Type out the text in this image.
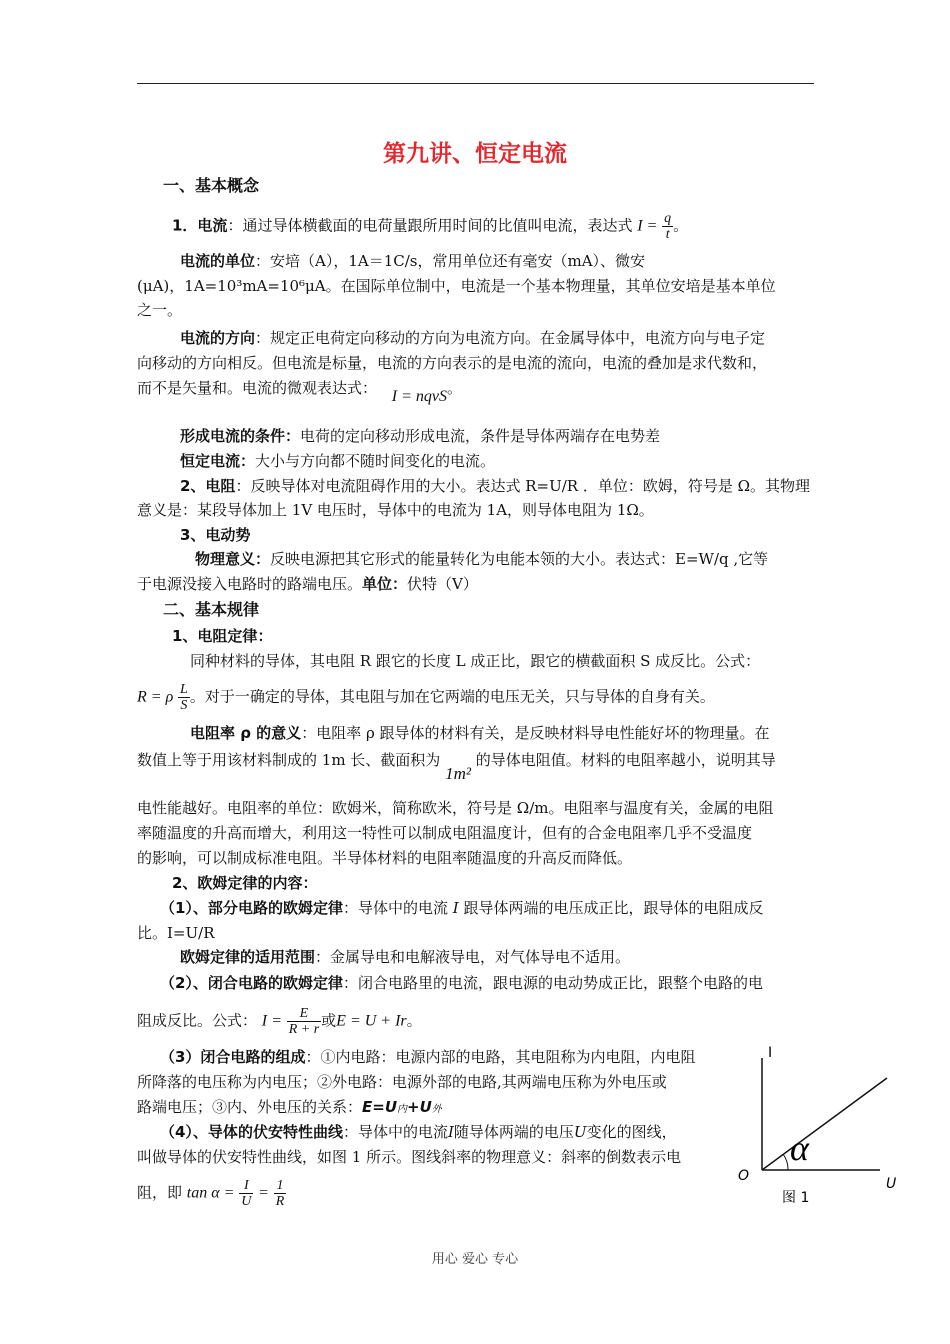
第九讲、恒定电流
一、基本概念
1．电流：通过导体横截面的电荷量跟所用时间的比值叫电流，表达式 $I = \frac{q}{t}$ 。
电流的单位：安培（A），1A＝1C/s，常用单位还有毫安（mA）、微安
(μA)，1A=10³mA=10⁶μA。在国际单位制中，电流是一个基本物理量，其单位安培是基本单位
之一。
电流的方向：规定正电荷定向移动的方向为电流方向。在金属导体中，电流方向与电子定
向移动的方向相反。但电流是标量，电流的方向表示的是电流的流向，电流的叠加是求代数和，
而不是矢量和。电流的微观表达式： I = nqvS。
形成电流的条件：电荷的定向移动形成电流，条件是导体两端存在电势差
恒定电流：大小与方向都不随时间变化的电流。
2、电阻：反映导体对电流阻碍作用的大小。表达式 R=U/R ．单位：欧姆，符号是 Ω。其物理
意义是：某段导体加上 1V 电压时，导体中的电流为 1A，则导体电阻为 1Ω。
3、电动势
物理意义：反映电源把其它形式的能量转化为电能本领的大小。表达式：E=W/q ,它等
于电源没接入电路时的路端电压。单位：伏特（V）
二、基本规律
1、电阻定律：
同种材料的导体，其电阻 R 跟它的长度 L 成正比，跟它的横截面积 S 成反比。公式：
R = ρ $\frac{L}{S}$ 。对于一确定的导体，其电阻与加在它两端的电压无关，只与导体的自身有关。
电阻率 ρ 的意义：电阻率 ρ 跟导体的材料有关，是反映材料导电性能好坏的物理量。在
数值上等于用该材料制成的 1m 长、截面积为 1m² 的导体电阻值。材料的电阻率越小，说明其导
电性能越好。电阻率的单位：欧姆米，简称欧米，符号是 Ω/m。电阻率与温度有关，金属的电阻
率随温度的升高而增大，利用这一特性可以制成电阻温度计，但有的合金电阻率几乎不受温度
的影响，可以制成标准电阻。半导体材料的电阻率随温度的升高反而降低。
2、欧姆定律的内容：
（1）、部分电路的欧姆定律：导体中的电流 I 跟导体两端的电压成正比，跟导体的电阻成反
比。I=U/R
欧姆定律的适用范围：金属导电和电解液导电，对气体导电不适用。
（2）、闭合电路的欧姆定律：闭合电路里的电流，跟电源的电动势成正比，跟整个电路的电
阻成反比。公式： $I = \frac{E}{R + r}$ 或E = U + Ir。
（3）闭合电路的组成：①内电路：电源内部的电路，其电阻称为内电阻，内电阻
所降落的电压称为内电压；②外电路：电源外部的电路,其两端电压称为外电压或
路端电压；③内、外电压的关系：E=U内+U外
（4）、导体的伏安特性曲线：导体中的电流I随导体两端的电压U变化的图线，
叫做导体的伏安特性曲线，如图 1 所示。图线斜率的物理意义：斜率的倒数表示电
阻，即 $\tan \alpha = \frac{I}{U} = \frac{1}{R}$
I
U
O
α
图 1
用心 爱心 专心
